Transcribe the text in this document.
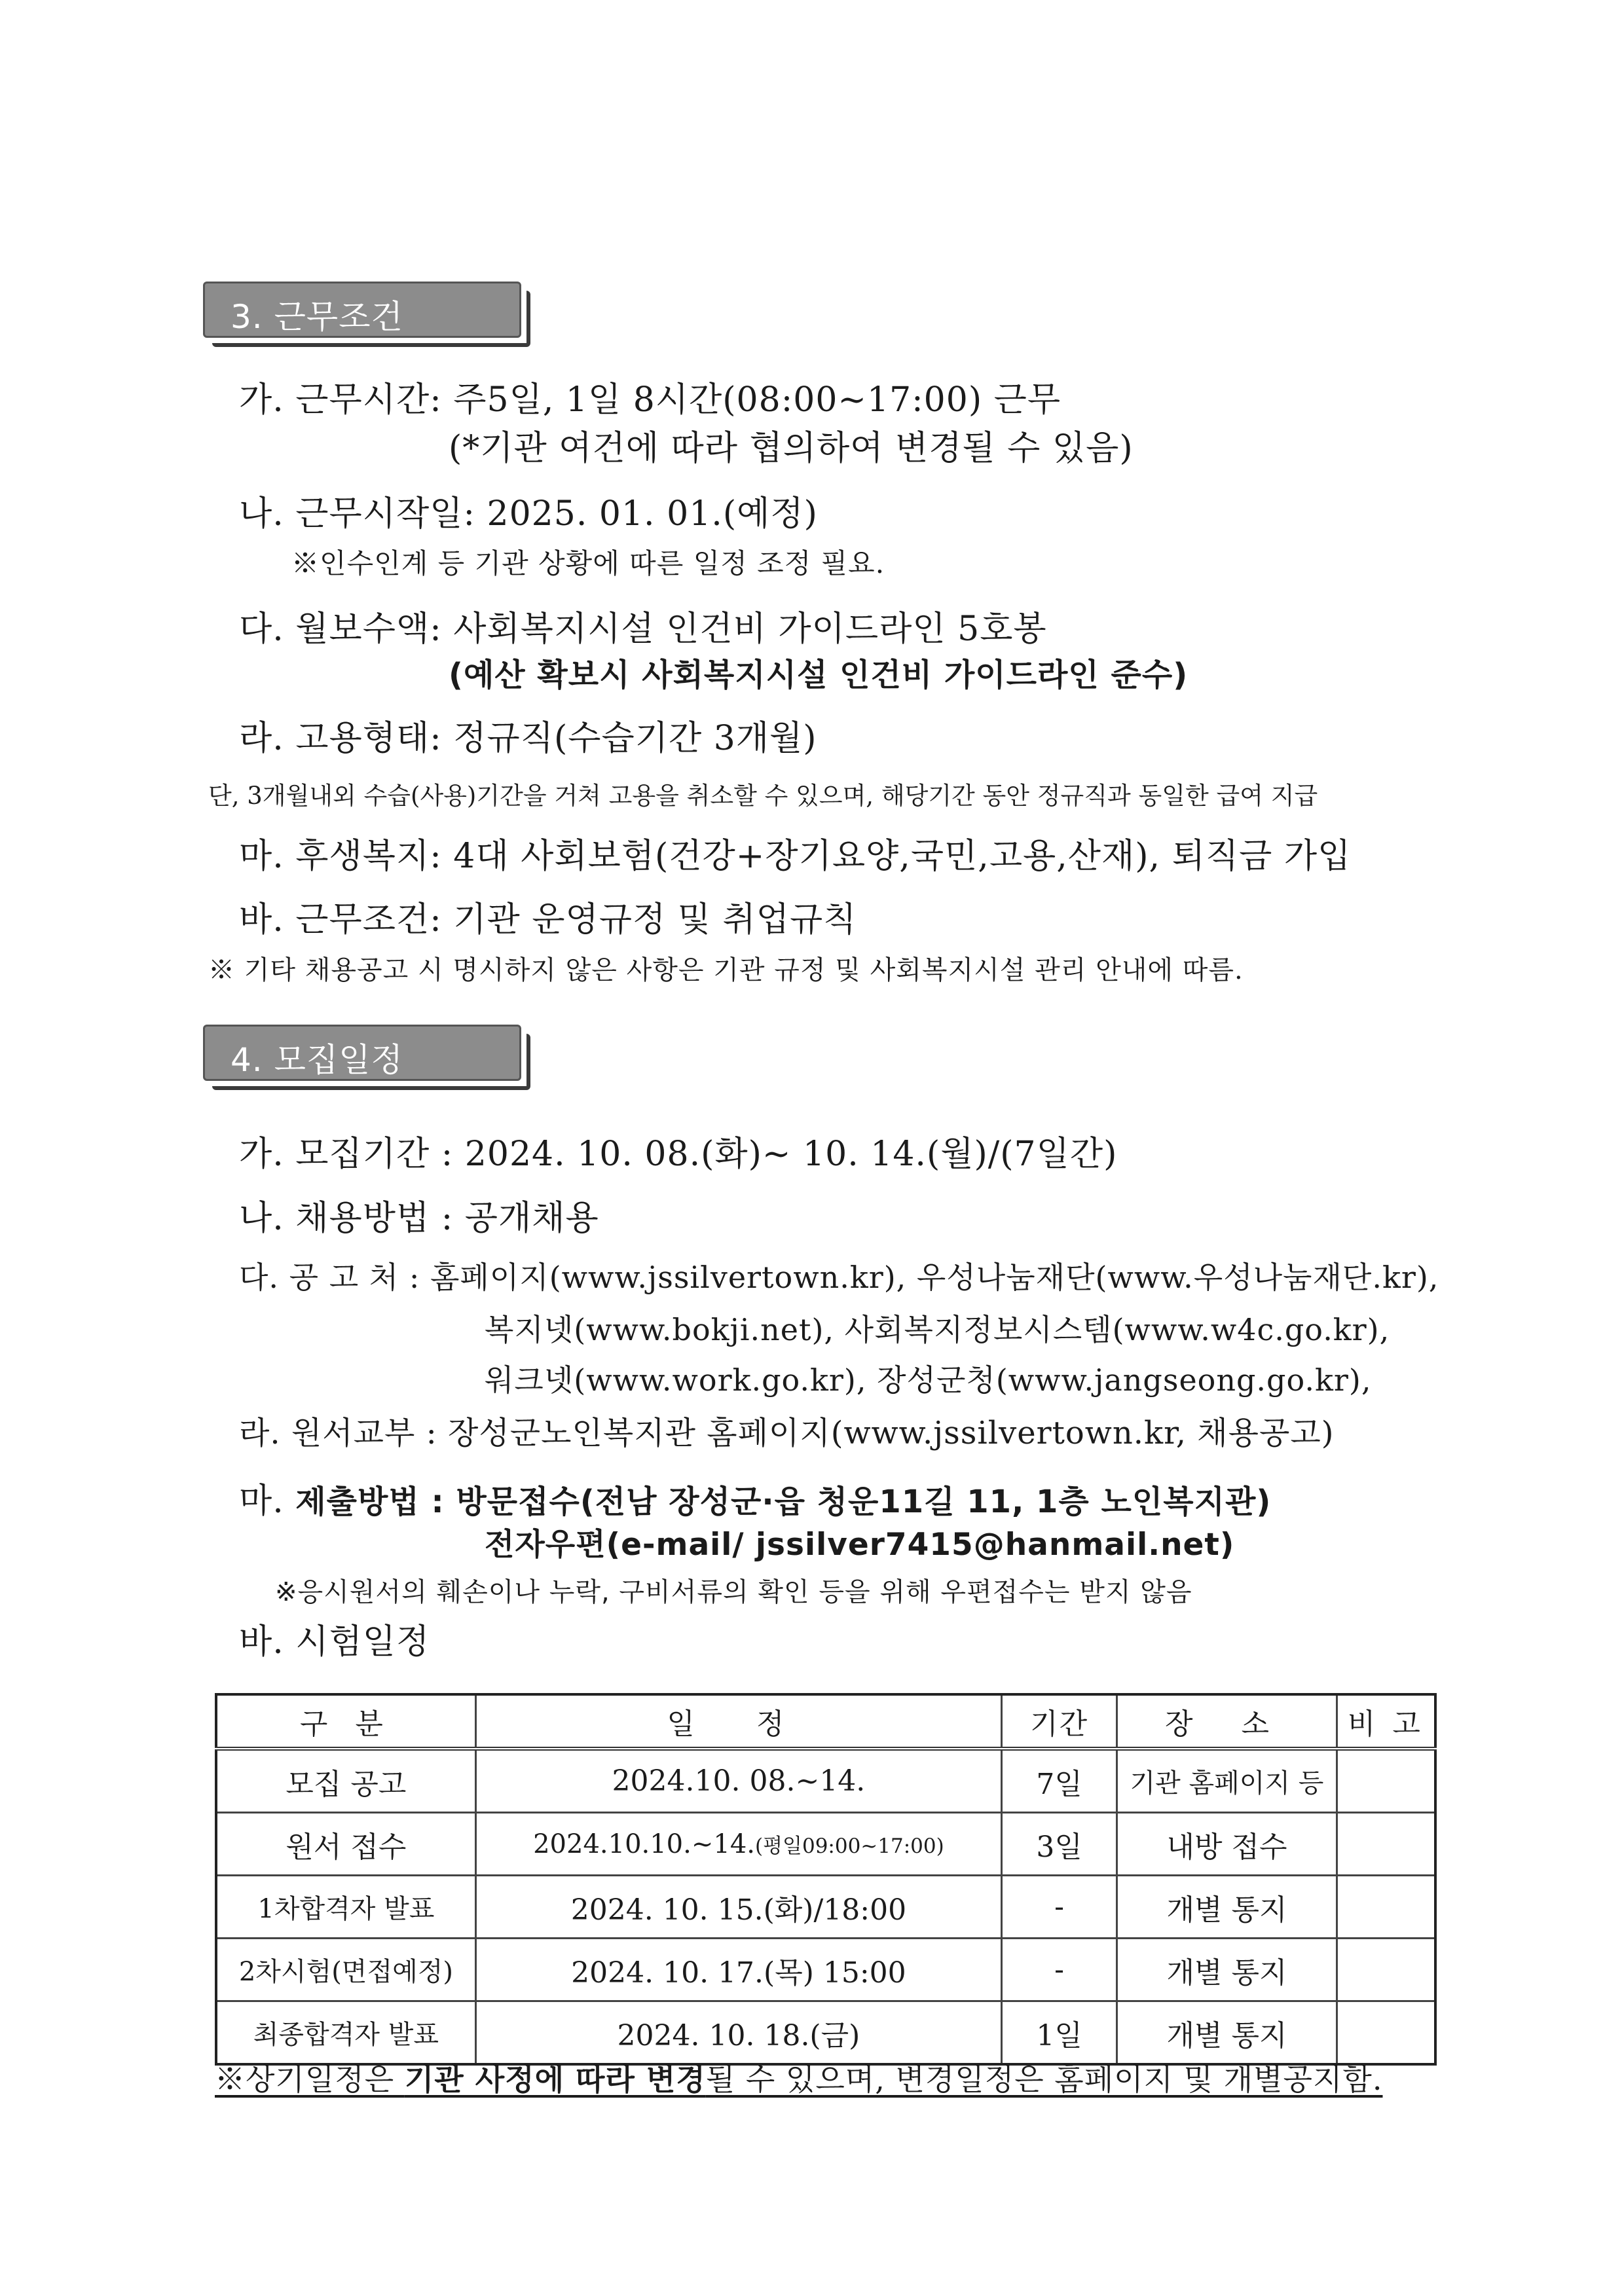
3. 근무조건
가. 근무시간: 주5일, 1일 8시간(08:00~17:00) 근무
(*기관 여건에 따라 협의하여 변경될 수 있음)
나. 근무시작일: 2025. 01. 01.(예정)
※인수인계 등 기관 상황에 따른 일정 조정 필요.
다. 월보수액: 사회복지시설 인건비 가이드라인 5호봉
(예산 확보시 사회복지시설 인건비 가이드라인 준수)
라. 고용형태: 정규직(수습기간 3개월)
단, 3개월내외 수습(사용)기간을 거쳐 고용을 취소할 수 있으며, 해당기간 동안 정규직과 동일한 급여 지급
마. 후생복지: 4대 사회보험(건강+장기요양,국민,고용,산재), 퇴직금 가입
바. 근무조건: 기관 운영규정 및 취업규칙
※ 기타 채용공고 시 명시하지 않은 사항은 기관 규정 및 사회복지시설 관리 안내에 따름.
4. 모집일정
가. 모집기간 : 2024. 10. 08.(화)~ 10. 14.(월)/(7일간)
나. 채용방법 : 공개채용
다. 공 고 처 : 홈페이지(www.jssilvertown.kr), 우성나눔재단(www.우성나눔재단.kr),
복지넷(www.bokji.net), 사회복지정보시스템(www.w4c.go.kr),
워크넷(www.work.go.kr), 장성군청(www.jangseong.go.kr),
라. 원서교부 : 장성군노인복지관 홈페이지(www.jssilvertown.kr, 채용공고)
마. 제출방법 : 방문접수(전남 장성군·읍 청운11길 11, 1층 노인복지관)
전자우편(e-mail/ jssilver7415@hanmail.net)
※응시원서의 훼손이나 누락, 구비서류의 확인 등을 위해 우편접수는 받지 않음
바. 시험일정
구 분	일 정	기간	장 소	비 고
모집 공고	2024.10. 08.~14.	7일	기관 홈페이지 등	
원서 접수	2024.10.10.~14.(평일09:00~17:00)	3일	내방 접수	
1차합격자 발표	2024. 10. 15.(화)/18:00	-	개별 통지	
2차시험(면접예정)	2024. 10. 17.(목) 15:00	-	개별 통지	
최종합격자 발표	2024. 10. 18.(금)	1일	개별 통지	
※상기일정은 기관 사정에 따라 변경될 수 있으며, 변경일정은 홈페이지 및 개별공지함.
